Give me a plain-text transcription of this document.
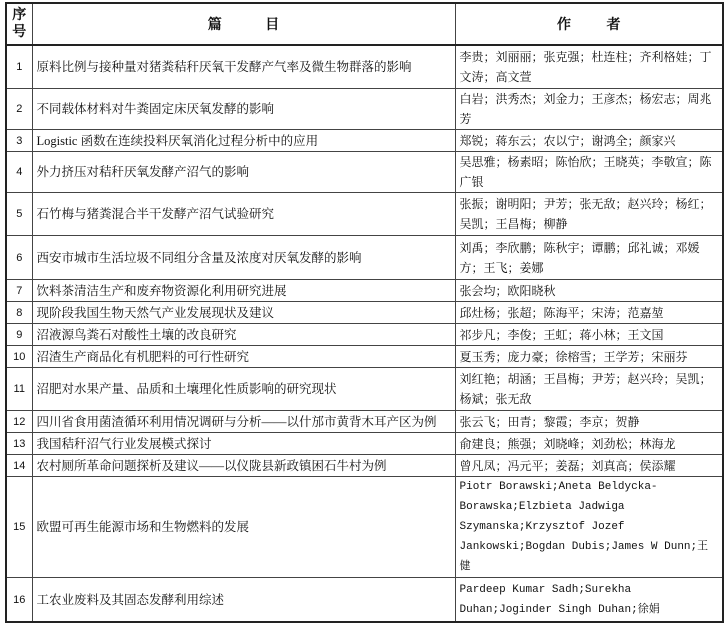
序
号	篇 目	作 者
1	原料比例与接种量对猪粪秸秆厌氧干发酵产气率及微生物群落的影响	李贵；刘丽丽；张克强；杜连柱；齐利格娃；丁文涛；高文萱
2	不同载体材料对牛粪固定床厌氧发酵的影响	白岩；洪秀杰；刘金力；王彦杰；杨宏志；周兆芳
3	Logistic 函数在连续投料厌氧消化过程分析中的应用	郑锐；蒋东云；农以宁；谢鸿全；颜家兴
4	外力挤压对秸秆厌氧发酵产沼气的影响	吴思雅；杨素昭；陈怡欣；王晓英；李敬宣；陈广银
5	石竹梅与猪粪混合半干发酵产沼气试验研究	张振；谢明阳；尹芳；张无敌；赵兴玲；杨红；吴凯；王昌梅；柳静
6	西安市城市生活垃圾不同组分含量及浓度对厌氧发酵的影响	刘禹；李欣鹏；陈秋宇；谭鹏；邱礼诚；邓媛方；王飞；姜娜
7	饮料茶清洁生产和废弃物资源化利用研究进展	张会均；欧阳晓秋
8	现阶段我国生物天然气产业发展现状及建议	邱灶杨；张超；陈海平；宋涛；范嘉堃
9	沼液源鸟粪石对酸性土壤的改良研究	祁步凡；李俊；王虹；蒋小林；王文国
10	沼渣生产商品化有机肥料的可行性研究	夏玉秀；庞力豪；徐榕雪；王学芳；宋丽芬
11	沼肥对水果产量、品质和土壤理化性质影响的研究现状	刘红艳；胡涵；王昌梅；尹芳；赵兴玲；吴凯；杨斌；张无敌
12	四川省食用菌渣循环利用情况调研与分析——以什邡市黄背木耳产区为例	张云飞；田青；黎霞；李京；贺静
13	我国秸秆沼气行业发展模式探讨	俞建良；熊强；刘晓峰；刘劲松；林海龙
14	农村厕所革命问题探析及建议——以仪陇县新政镇困石牛村为例	曾凡凤；冯元平；姜磊；刘真高；侯添耀
15	欧盟可再生能源市场和生物燃料的发展	Piotr Borawski;Aneta Beldycka-Borawska;Elzbieta Jadwiga Szymanska;Krzysztof Jozef Jankowski;Bogdan Dubis;James W Dunn;王健
16	工农业废料及其固态发酵利用综述	Pardeep Kumar Sadh;Surekha Duhan;Joginder Singh Duhan;徐娟
